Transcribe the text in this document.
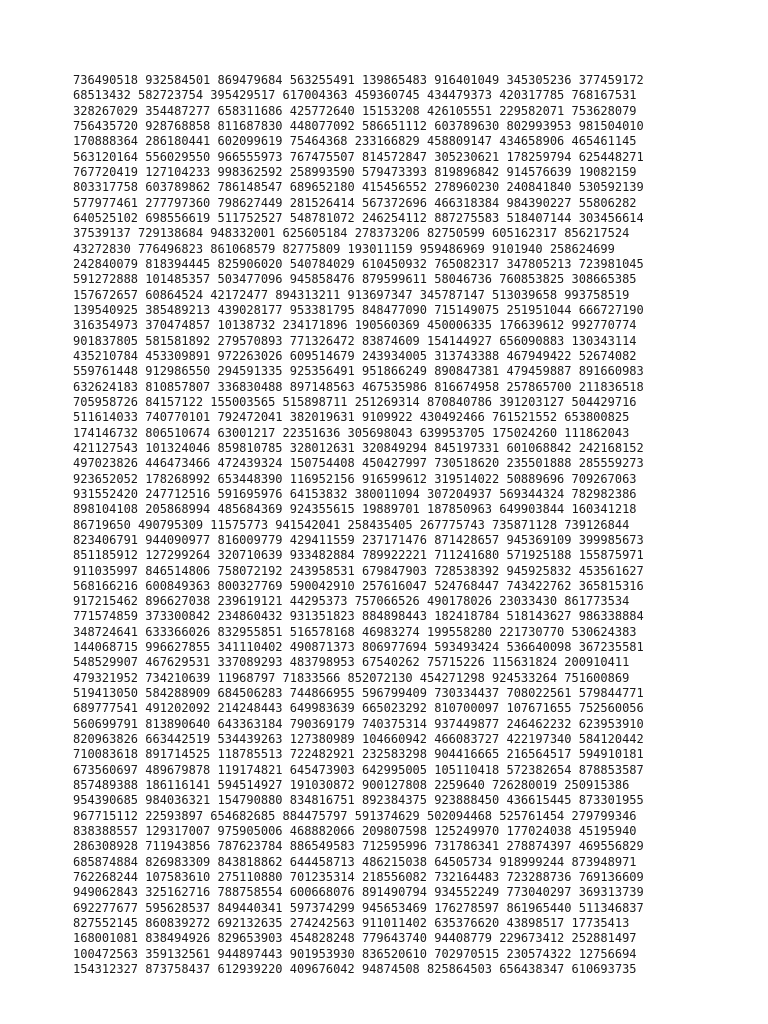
736490518 932584501 869479684 563255491 139865483 916401049 345305236 377459172
68513432 582723754 395429517 617004363 459360745 434479373 420317785 768167531
328267029 354487277 658311686 425772640 15153208 426105551 229582071 753628079
756435720 928768858 811687830 448077092 586651112 603789630 802993953 981504010
170888364 286180441 602099619 75464368 233166829 458809147 434658906 465461145
563120164 556029550 966555973 767475507 814572847 305230621 178259794 625448271
767720419 127104233 998362592 258993590 579473393 819896842 914576639 19082159
803317758 603789862 786148547 689652180 415456552 278960230 240841840 530592139
577977461 277797360 798627449 281526414 567372696 466318384 984390227 55806282
640525102 698556619 511752527 548781072 246254112 887275583 518407144 303456614
37539137 729138684 948332001 625605184 278373206 82750599 605162317 856217524
43272830 776496823 861068579 82775809 193011159 959486969 9101940 258624699
242840079 818394445 825906020 540784029 610450932 765082317 347805213 723981045
591272888 101485357 503477096 945858476 879599611 58046736 760853825 308665385
157672657 60864524 42172477 894313211 913697347 345787147 513039658 993758519
139540925 385489213 439028177 953381795 848477090 715149075 251951044 666727190
316354973 370474857 10138732 234171896 190560369 450006335 176639612 992770774
901837805 581581892 279570893 771326472 83874609 154144927 656090883 130343114
435210784 453309891 972263026 609514679 243934005 313743388 467949422 52674082
559761448 912986550 294591335 925356491 951866249 890847381 479459887 891660983
632624183 810857807 336830488 897148563 467535986 816674958 257865700 211836518
705958726 84157122 155003565 515898711 251269314 870840786 391203127 504429716
511614033 740770101 792472041 382019631 9109922 430492466 761521552 653800825
174146732 806510674 63001217 22351636 305698043 639953705 175024260 111862043
421127543 101324046 859810785 328012631 320849294 845197331 601068842 242168152
497023826 446473466 472439324 150754408 450427997 730518620 235501888 285559273
923652052 178268992 653448390 116952156 916599612 319514022 50889696 709267063
931552420 247712516 591695976 64153832 380011094 307204937 569344324 782982386
898104108 205868994 485684369 924355615 19889701 187850963 649903844 160341218
86719650 490795309 11575773 941542041 258435405 267775743 735871128 739126844
823406791 944090977 816009779 429411559 237171476 871428657 945369109 399985673
851185912 127299264 320710639 933482884 789922221 711241680 571925188 155875971
911035997 846514806 758072192 243958531 679847903 728538392 945925832 453561627
568166216 600849363 800327769 590042910 257616047 524768447 743422762 365815316
917215462 896627038 239619121 44295373 757066526 490178026 23033430 861773534
771574859 373300842 234860432 931351823 884898443 182418784 518143627 986338884
348724641 633366026 832955851 516578168 46983274 199558280 221730770 530624383
144068715 996627855 341110402 490871373 806977694 593493424 536640098 367235581
548529907 467629531 337089293 483798953 67540262 75715226 115631824 200910411
479321952 734210639 11968797 71833566 852072130 454271298 924533264 751600869
519413050 584288909 684506283 744866955 596799409 730334437 708022561 579844771
689777541 491202092 214248443 649983639 665023292 810700097 107671655 752560056
560699791 813890640 643363184 790369179 740375314 937449877 246462232 623953910
820963826 663442519 534439263 127380989 104660942 466083727 422197340 584120442
710083618 891714525 118785513 722482921 232583298 904416665 216564517 594910181
673560697 489679878 119174821 645473903 642995005 105110418 572382654 878853587
857489388 186116141 594514927 191030872 900127808 2259640 726280019 250915386
954390685 984036321 154790880 834816751 892384375 923888450 436615445 873301955
967715112 22593897 654682685 884475797 591374629 502094468 525761454 279799346
838388557 129317007 975905006 468882066 209807598 125249970 177024038 45195940
286308928 711943856 787623784 886549583 712595996 731786341 278874397 469556829
685874884 826983309 843818862 644458713 486215038 64505734 918999244 873948971
762268244 107583610 275110880 701235314 218556082 732164483 723288736 769136609
949062843 325162716 788758554 600668076 891490794 934552249 773040297 369313739
692277677 595628537 849440341 597374299 945653469 176278597 861965440 511346837
827552145 860839272 692132635 274242563 911011402 635376620 43898517 17735413
168001081 838494926 829653903 454828248 779643740 94408779 229673412 252881497
100472563 359132561 944897443 901953930 836520610 702970515 230574322 12756694
154312327 873758437 612939220 409676042 94874508 825864503 656438347 610693735
